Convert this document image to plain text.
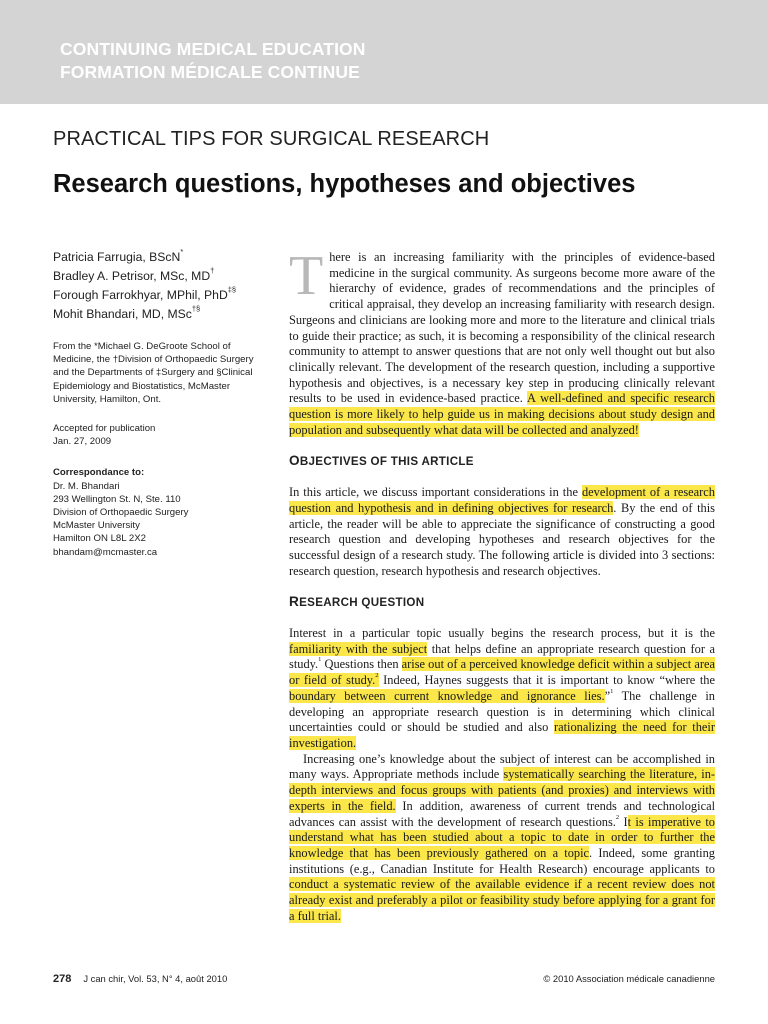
CONTINUING MEDICAL EDUCATION
FORMATION MÉDICALE CONTINUE
PRACTICAL TIPS FOR SURGICAL RESEARCH
Research questions, hypotheses and objectives
Patricia Farrugia, BScN*
Bradley A. Petrisor, MSc, MD†
Forough Farrokhyar, MPhil, PhD‡§
Mohit Bhandari, MD, MSc†§

From the *Michael G. DeGroote School of Medicine, the †Division of Orthopaedic Surgery and the Departments of ‡Surgery and §Clinical Epidemiology and Biostatistics, McMaster University, Hamilton, Ont.

Accepted for publication
Jan. 27, 2009
Correspondance to:
Dr. M. Bhandari
293 Wellington St. N, Ste. 110
Division of Orthopaedic Surgery
McMaster University
Hamilton ON L8L 2X2
bhandam@mcmaster.ca

There is an increasing familiarity with the principles of evidence-based medicine in the surgical community. As surgeons become more aware of the hierarchy of evidence, grades of recommendations and the principles of critical appraisal, they develop an increasing familiarity with research design. Surgeons and clinicians are looking more and more to the literature and clinical trials to guide their practice; as such, it is becoming a responsibility of the clinical research community to attempt to answer questions that are not only well thought out but also clinically relevant. The development of the research question, including a supportive hypothesis and objectives, is a necessary key step in producing clinically relevant results to be used in evidence-based practice. A well-defined and specific research question is more likely to help guide us in making decisions about study design and population and subsequently what data will be collected and analyzed!

OBJECTIVES OF THIS ARTICLE

In this article, we discuss important considerations in the development of a research question and hypothesis and in defining objectives for research. By the end of this article, the reader will be able to appreciate the significance of constructing a good research question and developing hypotheses and research objectives for the successful design of a research study. The following article is divided into 3 sections: research question, research hypothesis and research objectives.

RESEARCH QUESTION

Interest in a particular topic usually begins the research process, but it is the familiarity with the subject that helps define an appropriate research question for a study.$^1$ Questions then arise out of a perceived knowledge deficit within a subject area or field of study.$^2$ Indeed, Haynes suggests that it is important to know “where the boundary between current knowledge and ignorance lies.”$^1$ The challenge in developing an appropriate research question is in determining which clinical uncertainties could or should be studied and also rationalizing the need for their investigation.

Increasing one’s knowledge about the subject of interest can be accomplished in many ways. Appropriate methods include systematically searching the literature, in-depth interviews and focus groups with patients (and proxies) and interviews with experts in the field. In addition, awareness of current trends and technological advances can assist with the development of research questions.$^2$ It is imperative to understand what has been studied about a topic to date in order to further the knowledge that has been previously gathered on a topic. Indeed, some granting institutions (e.g., Canadian Institute for Health Research) encourage applicants to conduct a systematic review of the available evidence if a recent review does not already exist and preferably a pilot or feasibility study before applying for a grant for a full trial.

278 J can chir, Vol. 53, N° 4, août 2010	© 2010 Association médicale canadienne
